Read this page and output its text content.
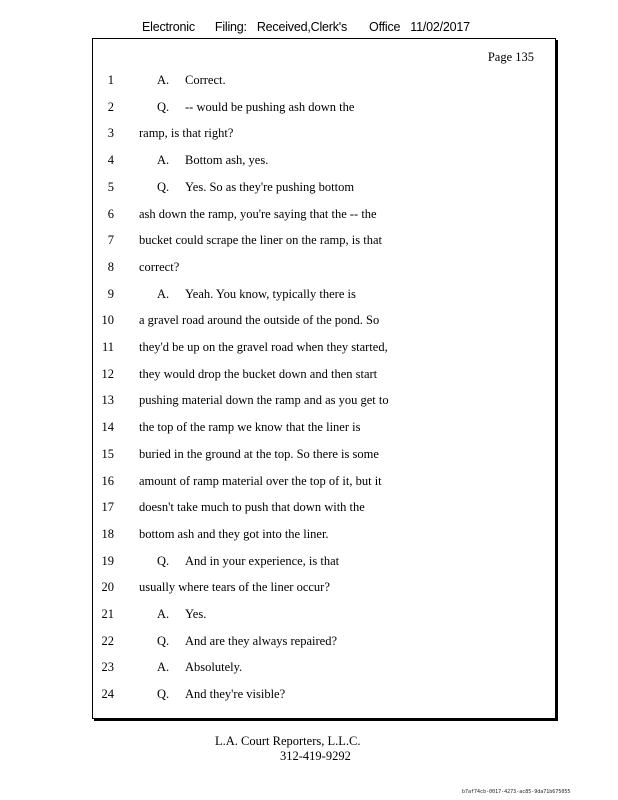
Electronic Filing: Received,Clerk's Office 11/02/2017
Page 135
1	A. Correct.
2	Q. -- would be pushing ash down the
3 ramp, is that right?
4	A. Bottom ash, yes.
5	Q. Yes. So as they're pushing bottom
6 ash down the ramp, you're saying that the -- the
7 bucket could scrape the liner on the ramp, is that
8 correct?
9	A. Yeah. You know, typically there is
10 a gravel road around the outside of the pond. So
11 they'd be up on the gravel road when they started,
12 they would drop the bucket down and then start
13 pushing material down the ramp and as you get to
14 the top of the ramp we know that the liner is
15 buried in the ground at the top. So there is some
16 amount of ramp material over the top of it, but it
17 doesn't take much to push that down with the
18 bottom ash and they got into the liner.
19	Q. And in your experience, is that
20 usually where tears of the liner occur?
21	A. Yes.
22	Q. And are they always repaired?
23	A. Absolutely.
24	Q. And they're visible?
L.A. Court Reporters, L.L.C.
312-419-9292
b7af74cb-0017-4273-ac85-9da71b675055
